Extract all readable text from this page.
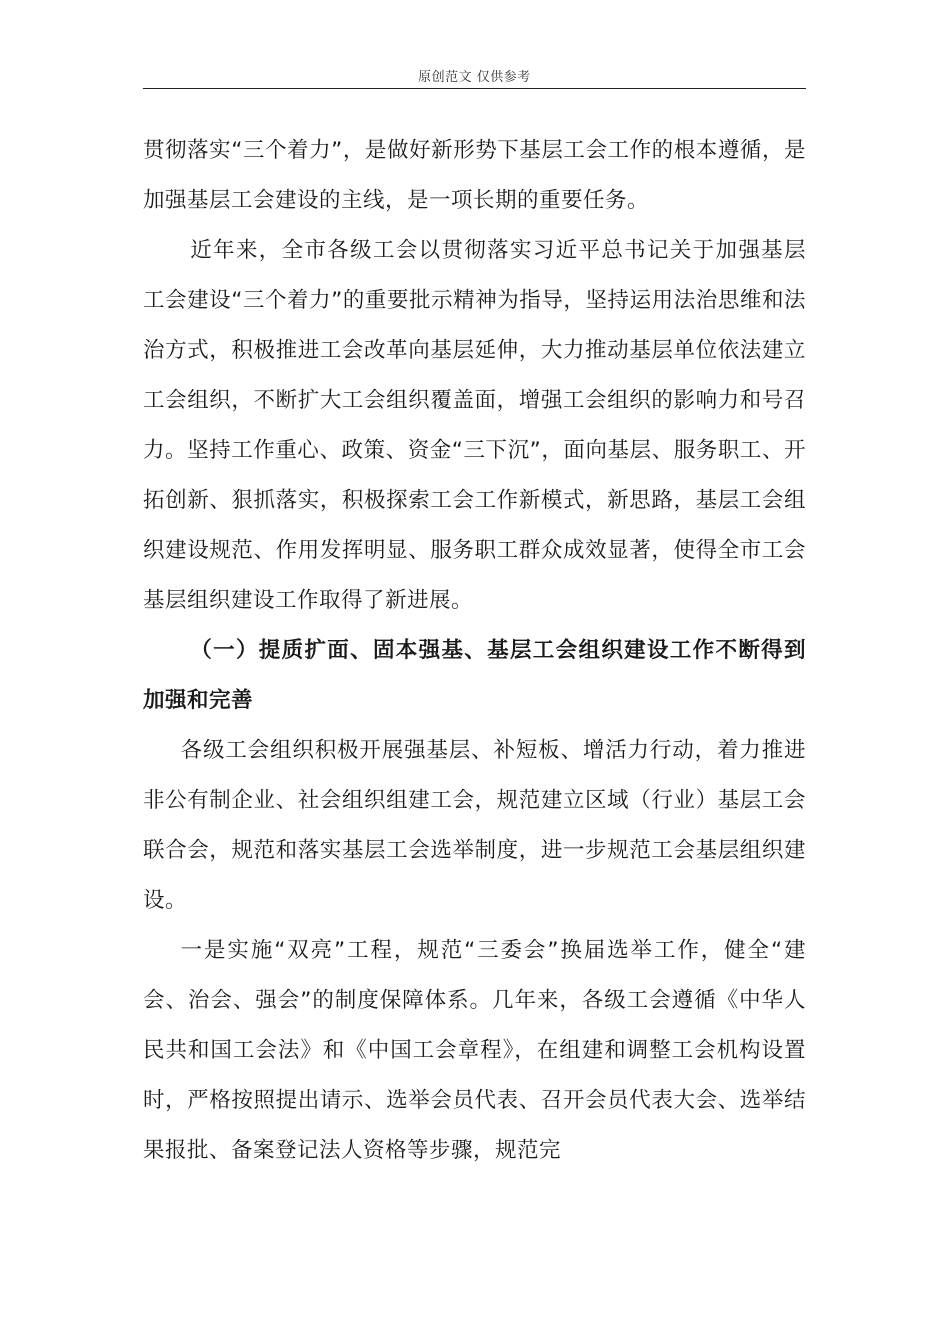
原创范文 仅供参考

贯彻落实“三个着力”，是做好新形势下基层工会工作的根本遵循，是加强基层工会建设的主线，是一项长期的重要任务。

近年来，全市各级工会以贯彻落实习近平总书记关于加强基层工会建设“三个着力”的重要批示精神为指导，坚持运用法治思维和法治方式，积极推进工会改革向基层延伸，大力推动基层单位依法建立工会组织，不断扩大工会组织覆盖面，增强工会组织的影响力和号召力。坚持工作重心、政策、资金“三下沉”，面向基层、服务职工、开拓创新、狠抓落实，积极探索工会工作新模式，新思路，基层工会组织建设规范、作用发挥明显、服务职工群众成效显著，使得全市工会基层组织建设工作取得了新进展。

（一）提质扩面、固本强基、基层工会组织建设工作不断得到加强和完善

各级工会组织积极开展强基层、补短板、增活力行动，着力推进非公有制企业、社会组织组建工会，规范建立区域（行业）基层工会联合会，规范和落实基层工会选举制度，进一步规范工会基层组织建设。

一是实施“双亮”工程，规范“三委会”换届选举工作，健全“建会、治会、强会”的制度保障体系。几年来，各级工会遵循《中华人民共和国工会法》和《中国工会章程》，在组建和调整工会机构设置时，严格按照提出请示、选举会员代表、召开会员代表大会、选举结果报批、备案登记法人资格等步骤，规范完
